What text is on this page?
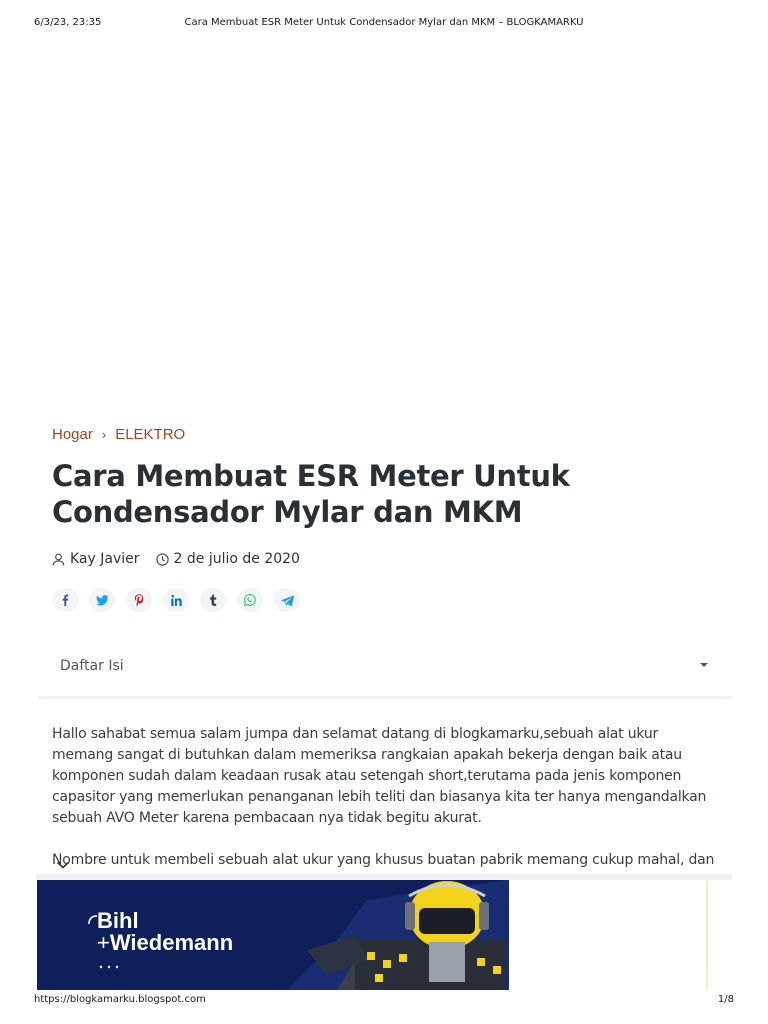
6/3/23, 23:35	Cara Membuat ESR Meter Untuk Condensador Mylar dan MKM – BLOGKAMARKU
Hogar › ELEKTRO
Cara Membuat ESR Meter Untuk Condensador Mylar dan MKM
Kay Javier 2 de julio de 2020
Daftar Isi

Hallo sahabat semua salam jumpa dan selamat datang di blogkamarku,sebuah alat ukur memang sangat di butuhkan dalam memeriksa rangkaian apakah bekerja dengan baik atau komponen sudah dalam keadaan rusak atau setengah short,terutama pada jenis komponen capasitor yang memerlukan penanganan lebih teliti dan biasanya kita ter hanya mengandalkan sebuah AVO Meter karena pembacaan nya tidak begitu akurat.

Nombre untuk membeli sebuah alat ukur yang khusus buatan pabrik memang cukup mahal, dan

Bihl
+Wiedemann
https://blogkamarku.blogspot.com	1/8
